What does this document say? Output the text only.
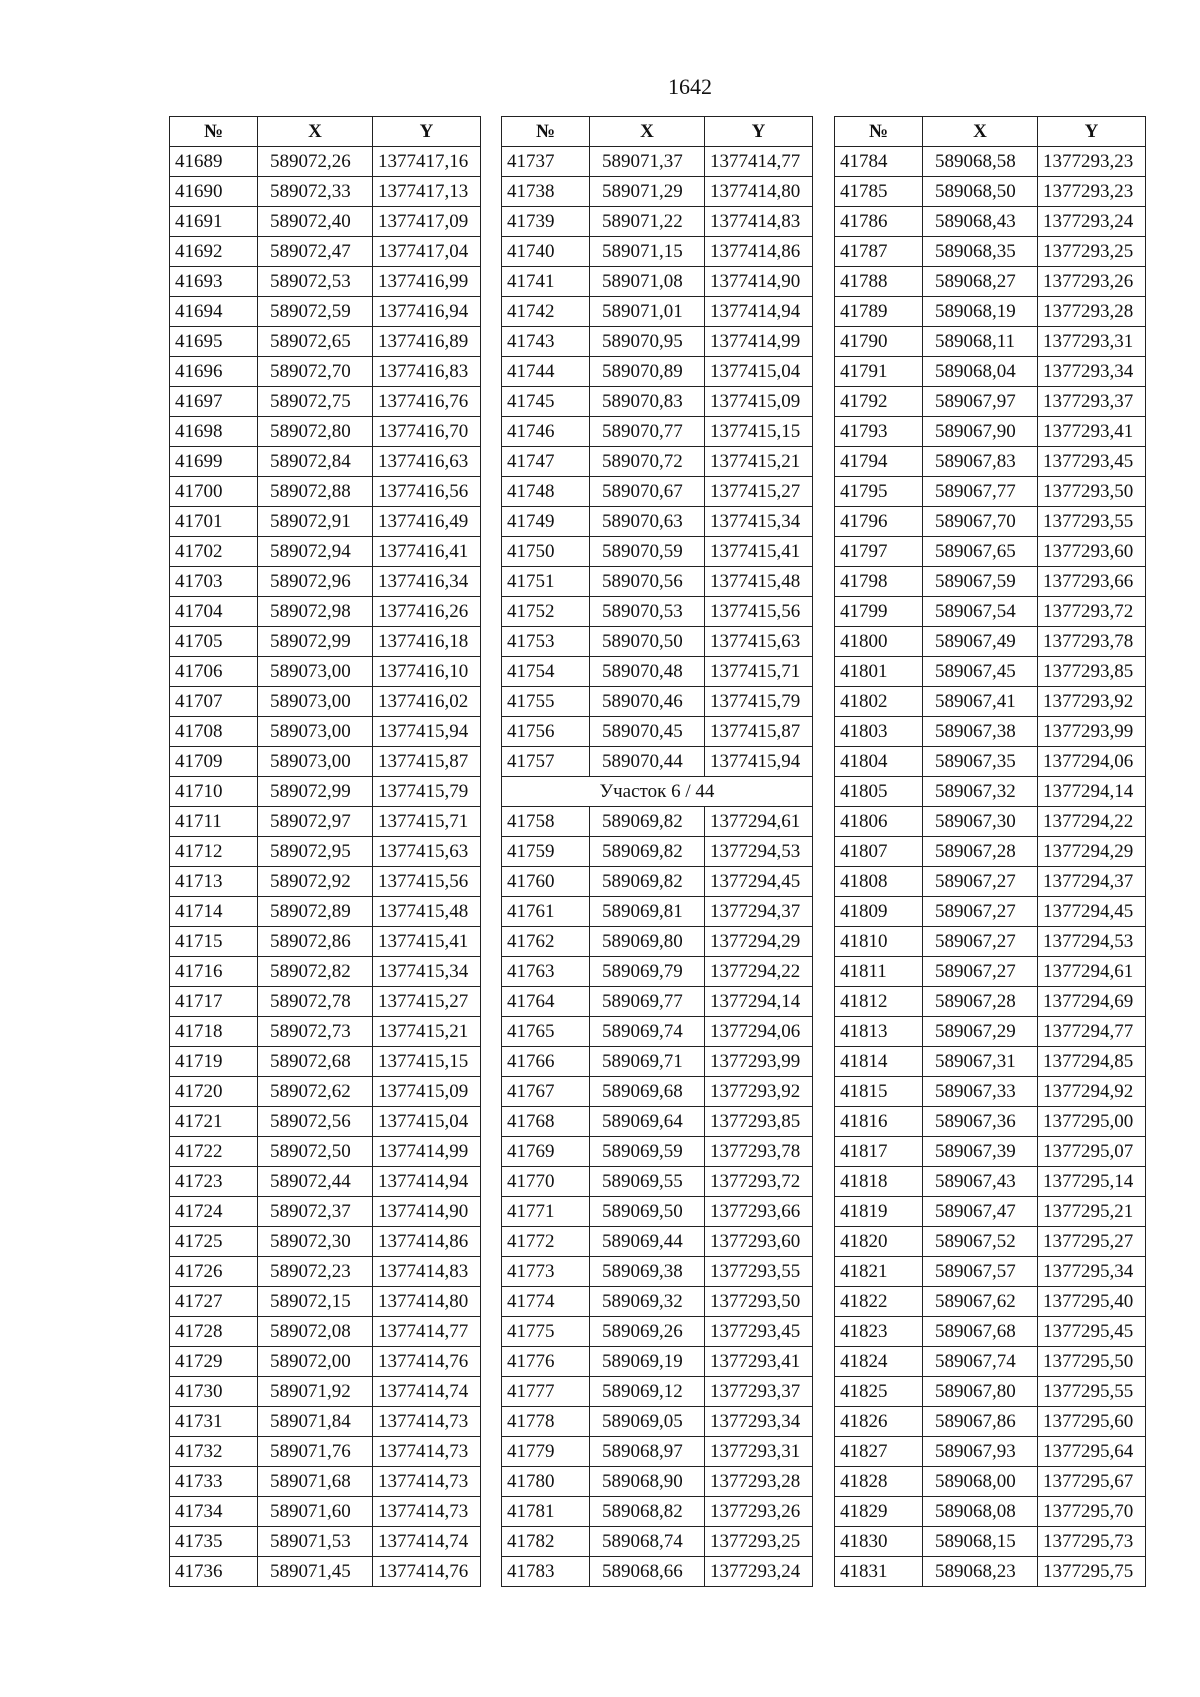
1642
№	X	Y
41689	589072,26	1377417,16
41690	589072,33	1377417,13
41691	589072,40	1377417,09
41692	589072,47	1377417,04
41693	589072,53	1377416,99
41694	589072,59	1377416,94
41695	589072,65	1377416,89
41696	589072,70	1377416,83
41697	589072,75	1377416,76
41698	589072,80	1377416,70
41699	589072,84	1377416,63
41700	589072,88	1377416,56
41701	589072,91	1377416,49
41702	589072,94	1377416,41
41703	589072,96	1377416,34
41704	589072,98	1377416,26
41705	589072,99	1377416,18
41706	589073,00	1377416,10
41707	589073,00	1377416,02
41708	589073,00	1377415,94
41709	589073,00	1377415,87
41710	589072,99	1377415,79
41711	589072,97	1377415,71
41712	589072,95	1377415,63
41713	589072,92	1377415,56
41714	589072,89	1377415,48
41715	589072,86	1377415,41
41716	589072,82	1377415,34
41717	589072,78	1377415,27
41718	589072,73	1377415,21
41719	589072,68	1377415,15
41720	589072,62	1377415,09
41721	589072,56	1377415,04
41722	589072,50	1377414,99
41723	589072,44	1377414,94
41724	589072,37	1377414,90
41725	589072,30	1377414,86
41726	589072,23	1377414,83
41727	589072,15	1377414,80
41728	589072,08	1377414,77
41729	589072,00	1377414,76
41730	589071,92	1377414,74
41731	589071,84	1377414,73
41732	589071,76	1377414,73
41733	589071,68	1377414,73
41734	589071,60	1377414,73
41735	589071,53	1377414,74
41736	589071,45	1377414,76
№	X	Y
41737	589071,37	1377414,77
41738	589071,29	1377414,80
41739	589071,22	1377414,83
41740	589071,15	1377414,86
41741	589071,08	1377414,90
41742	589071,01	1377414,94
41743	589070,95	1377414,99
41744	589070,89	1377415,04
41745	589070,83	1377415,09
41746	589070,77	1377415,15
41747	589070,72	1377415,21
41748	589070,67	1377415,27
41749	589070,63	1377415,34
41750	589070,59	1377415,41
41751	589070,56	1377415,48
41752	589070,53	1377415,56
41753	589070,50	1377415,63
41754	589070,48	1377415,71
41755	589070,46	1377415,79
41756	589070,45	1377415,87
41757	589070,44	1377415,94
Участок 6 / 44		
41758	589069,82	1377294,61
41759	589069,82	1377294,53
41760	589069,82	1377294,45
41761	589069,81	1377294,37
41762	589069,80	1377294,29
41763	589069,79	1377294,22
41764	589069,77	1377294,14
41765	589069,74	1377294,06
41766	589069,71	1377293,99
41767	589069,68	1377293,92
41768	589069,64	1377293,85
41769	589069,59	1377293,78
41770	589069,55	1377293,72
41771	589069,50	1377293,66
41772	589069,44	1377293,60
41773	589069,38	1377293,55
41774	589069,32	1377293,50
41775	589069,26	1377293,45
41776	589069,19	1377293,41
41777	589069,12	1377293,37
41778	589069,05	1377293,34
41779	589068,97	1377293,31
41780	589068,90	1377293,28
41781	589068,82	1377293,26
41782	589068,74	1377293,25
41783	589068,66	1377293,24
№	X	Y
41784	589068,58	1377293,23
41785	589068,50	1377293,23
41786	589068,43	1377293,24
41787	589068,35	1377293,25
41788	589068,27	1377293,26
41789	589068,19	1377293,28
41790	589068,11	1377293,31
41791	589068,04	1377293,34
41792	589067,97	1377293,37
41793	589067,90	1377293,41
41794	589067,83	1377293,45
41795	589067,77	1377293,50
41796	589067,70	1377293,55
41797	589067,65	1377293,60
41798	589067,59	1377293,66
41799	589067,54	1377293,72
41800	589067,49	1377293,78
41801	589067,45	1377293,85
41802	589067,41	1377293,92
41803	589067,38	1377293,99
41804	589067,35	1377294,06
41805	589067,32	1377294,14
41806	589067,30	1377294,22
41807	589067,28	1377294,29
41808	589067,27	1377294,37
41809	589067,27	1377294,45
41810	589067,27	1377294,53
41811	589067,27	1377294,61
41812	589067,28	1377294,69
41813	589067,29	1377294,77
41814	589067,31	1377294,85
41815	589067,33	1377294,92
41816	589067,36	1377295,00
41817	589067,39	1377295,07
41818	589067,43	1377295,14
41819	589067,47	1377295,21
41820	589067,52	1377295,27
41821	589067,57	1377295,34
41822	589067,62	1377295,40
41823	589067,68	1377295,45
41824	589067,74	1377295,50
41825	589067,80	1377295,55
41826	589067,86	1377295,60
41827	589067,93	1377295,64
41828	589068,00	1377295,67
41829	589068,08	1377295,70
41830	589068,15	1377295,73
41831	589068,23	1377295,75
